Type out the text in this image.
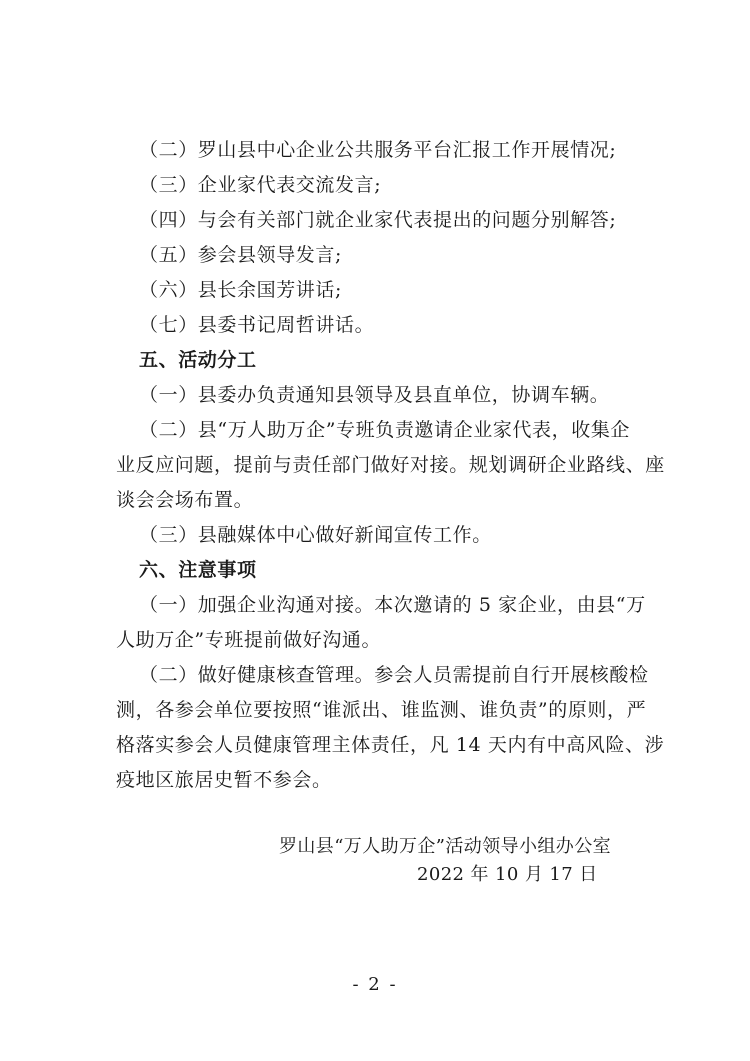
（二）罗山县中心企业公共服务平台汇报工作开展情况;
（三）企业家代表交流发言;
（四）与会有关部门就企业家代表提出的问题分别解答;
（五）参会县领导发言;
（六）县长余国芳讲话;
（七）县委书记周哲讲话。
五、活动分工
（一）县委办负责通知县领导及县直单位，协调车辆。
（二）县“万人助万企”专班负责邀请企业家代表，收集企
业反应问题，提前与责任部门做好对接。规划调研企业路线、座
谈会会场布置。
（三）县融媒体中心做好新闻宣传工作。
六、注意事项
（一）加强企业沟通对接。本次邀请的 5 家企业，由县“万
人助万企”专班提前做好沟通。
（二）做好健康核查管理。参会人员需提前自行开展核酸检
测，各参会单位要按照“谁派出、谁监测、谁负责”的原则，严
格落实参会人员健康管理主体责任，凡 14 天内有中高风险、涉
疫地区旅居史暂不参会。
罗山县“万人助万企”活动领导小组办公室
2022 年 10 月 17 日
- 2 -
